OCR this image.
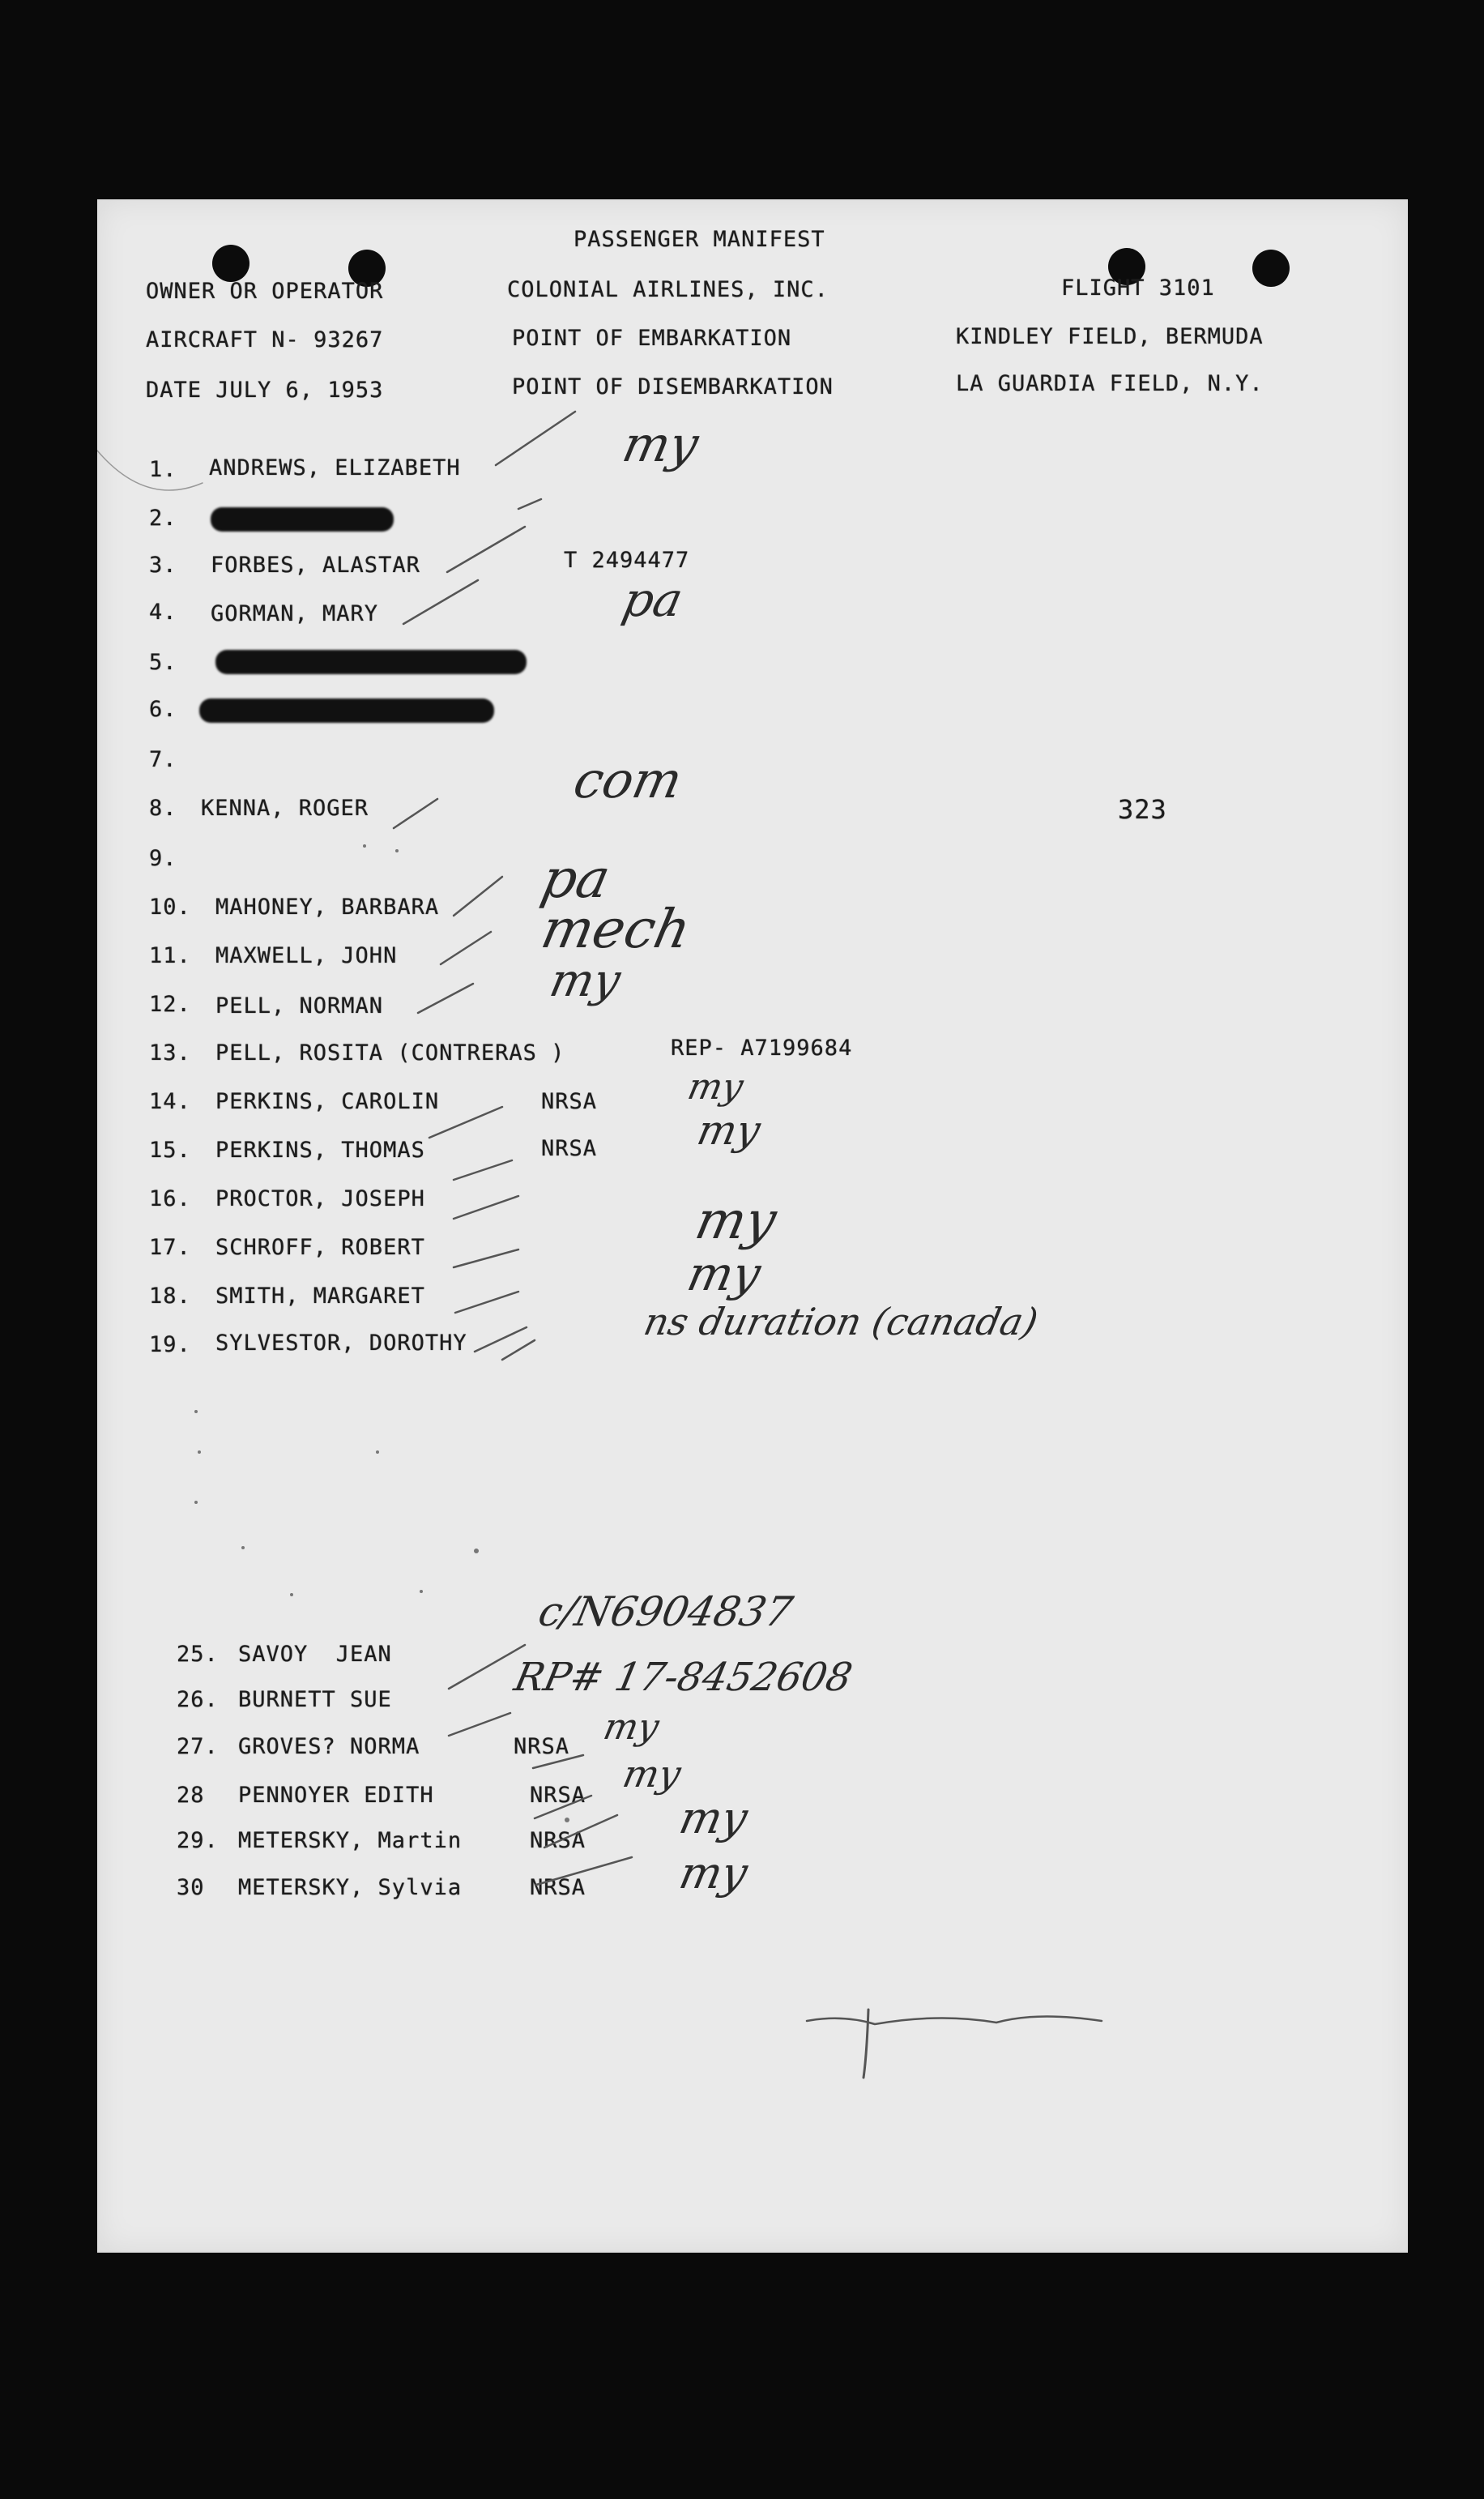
PASSENGER MANIFEST
OWNER OR OPERATOR	COLONIAL AIRLINES, INC.	FLIGHT 3101
AIRCRAFT N- 93267	POINT OF EMBARKATION	KINDLEY FIELD, BERMUDA
DATE JULY 6, 1953	POINT OF DISEMBARKATION	LA GUARDIA FIELD, N.Y.
1. ANDREWS, ELIZABETH	my
2.
3. FORBES, ALASTAR	T 2494477
4. GORMAN, MARY	pa
5.
6.
7.
8. KENNA, ROGER	com	323
9.
10. MAHONEY, BARBARA pa
11. MAXWELL, JOHN	mech
12. PELL, NORMAN	my
13. PELL, ROSITA (CONTRERAS )	REP- A7199684
14. PERKINS, CAROLIN	NRSA my
15. PERKINS, THOMAS	NRSA my
16. PROCTOR, JOSEPH
17. SCHROFF, ROBERT	my
18. SMITH, MARGARET	my
19. SYLVESTOR, DOROTHY	ns duration (canada)
25. SAVOY  JEAN
c/N6904837
26. BURNETT SUE	RP# 17-8452608
27. GROVES? NORMA	NRSA my
28 PENNOYER EDITH	NRSA my
29. METERSKY, Martin	NRSA my
30 METERSKY, Sylvia	NRSA my
